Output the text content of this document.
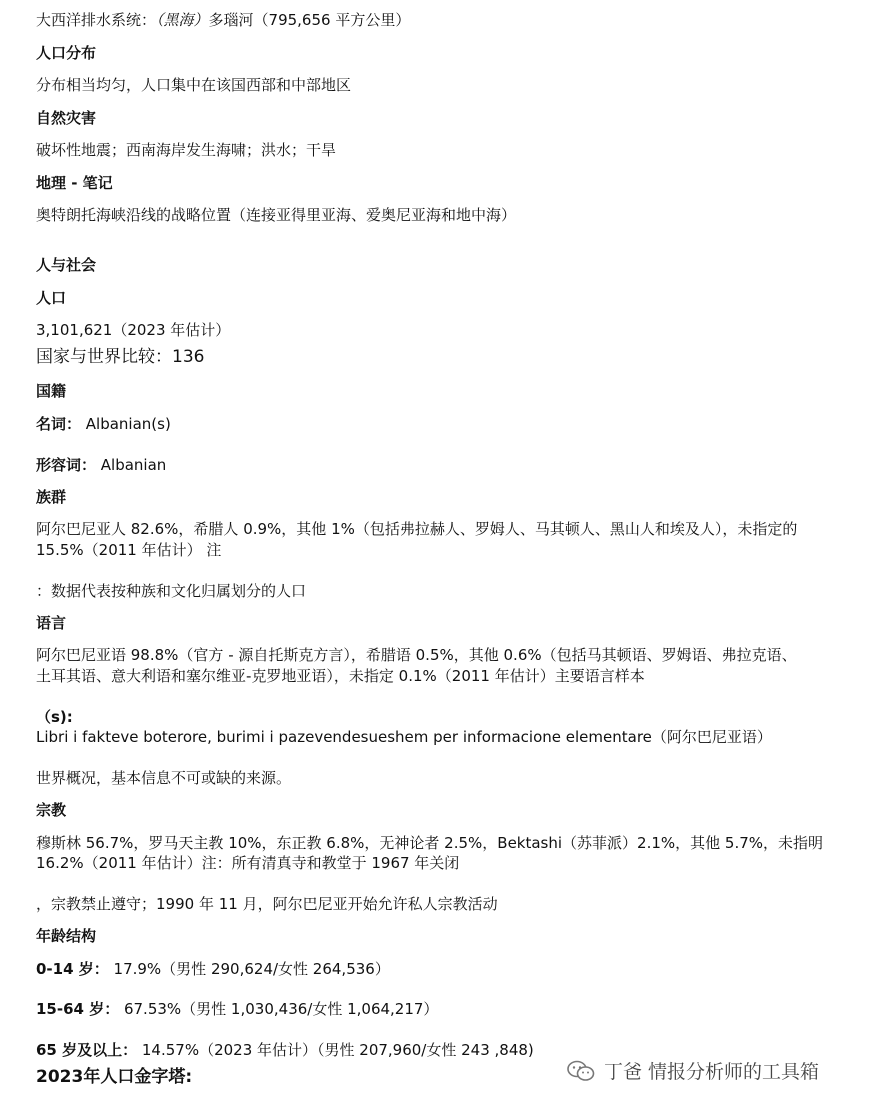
大西洋排水系统：（黑海）多瑙河（795,656 平方公里）
人口分布
分布相当均匀，人口集中在该国西部和中部地区
自然灾害
破坏性地震；西南海岸发生海啸；洪水；干旱
地理 - 笔记
奥特朗托海峡沿线的战略位置（连接亚得里亚海、爱奥尼亚海和地中海）
人与社会
人口
3,101,621（2023 年估计）
国家与世界比较：136
国籍
名词： Albanian(s)
形容词： Albanian
族群
阿尔巴尼亚人 82.6%，希腊人 0.9%，其他 1%（包括弗拉赫人、罗姆人、马其顿人、黑山人和埃及人），未指定的
15.5%（2011 年估计） 注
：数据代表按种族和文化归属划分的人口
语言
阿尔巴尼亚语 98.8%（官方 - 源自托斯克方言），希腊语 0.5%，其他 0.6%（包括马其顿语、罗姆语、弗拉克语、
土耳其语、意大利语和塞尔维亚-克罗地亚语），未指定 0.1%（2011 年估计）主要语言样本
（s):
Libri i fakteve boterore, burimi i pazevendesueshem per informacione elementare（阿尔巴尼亚语）
世界概况，基本信息不可或缺的来源。
宗教
穆斯林 56.7%，罗马天主教 10%，东正教 6.8%，无神论者 2.5%，Bektashi（苏菲派）2.1%，其他 5.7%，未指明
16.2%（2011 年估计）注：所有清真寺和教堂于 1967 年关闭
，宗教禁止遵守；1990 年 11 月，阿尔巴尼亚开始允许私人宗教活动
年龄结构
0-14 岁： 17.9%（男性 290,624/女性 264,536）
15-64 岁： 67.53%（男性 1,030,436/女性 1,064,217）
65 岁及以上： 14.57%（2023 年估计）（男性 207,960/女性 243 ,848)
2023年人口金字塔:	丁爸 情报分析师的工具箱
